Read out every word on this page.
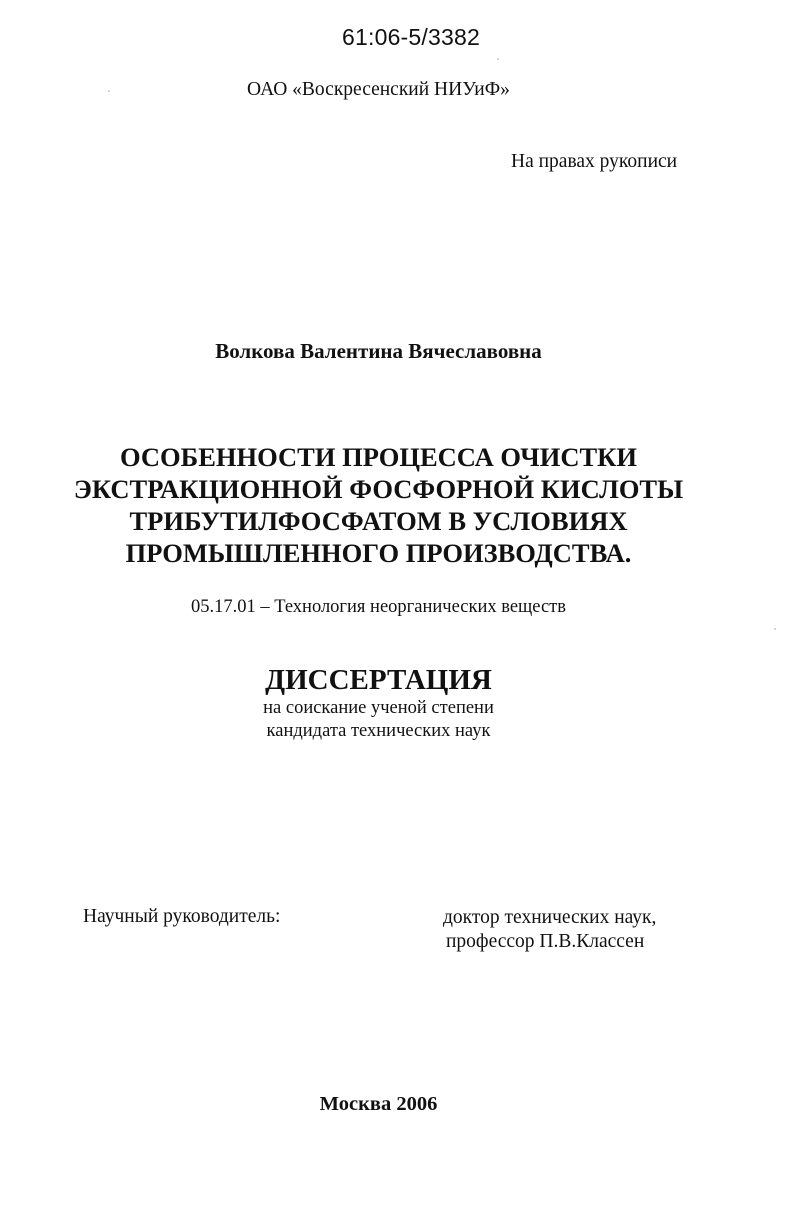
61:06-5/3382
ОАО «Воскресенский НИУиФ»
На правах рукописи
Волкова Валентина Вячеславовна
ОСОБЕННОСТИ ПРОЦЕССА ОЧИСТКИ
ЭКСТРАКЦИОННОЙ ФОСФОРНОЙ КИСЛОТЫ
ТРИБУТИЛФОСФАТОМ В УСЛОВИЯХ
ПРОМЫШЛЕННОГО ПРОИЗВОДСТВА.
05.17.01 – Технология неорганических веществ
ДИССЕРТАЦИЯ
на соискание ученой степени
кандидата технических наук
Научный руководитель:	доктор технических наук,
профессор П.В.Классен
Москва 2006
